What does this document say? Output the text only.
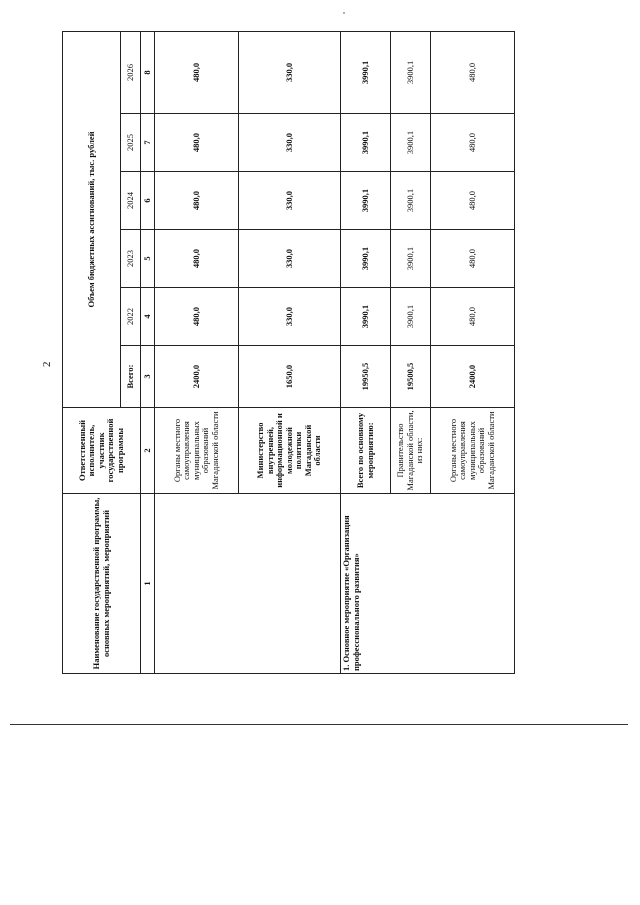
2
Наименование государственной программы, основных мероприятий, мероприятий	Ответственный исполнитель, участник государственной программы	Объем бюджетных ассигнований, тыс. рублей					
		Всего:	2022	2023	2024	2025	2026
1	2	3	4	5	6	7	8
	Органы местного самоуправления муниципальных образований Магаданской области	2400,0	480,0	480,0	480,0	480,0	480,0
	Министерство внутренней, информационной и молодежной политики Магаданской области	1650,0	330,0	330,0	330,0	330,0	330,0
1. Основное мероприятие «Организация профессионального развития»	Всего по основному мероприятию:	19950,5	3990,1	3990,1	3990,1	3990,1	3990,1
	Правительство Магаданской области, из них:	19500,5	3900,1	3900,1	3900,1	3900,1	3900,1
	Органы местного самоуправления муниципальных образований Магаданской области	2400,0	480,0	480,0	480,0	480,0	480,0
